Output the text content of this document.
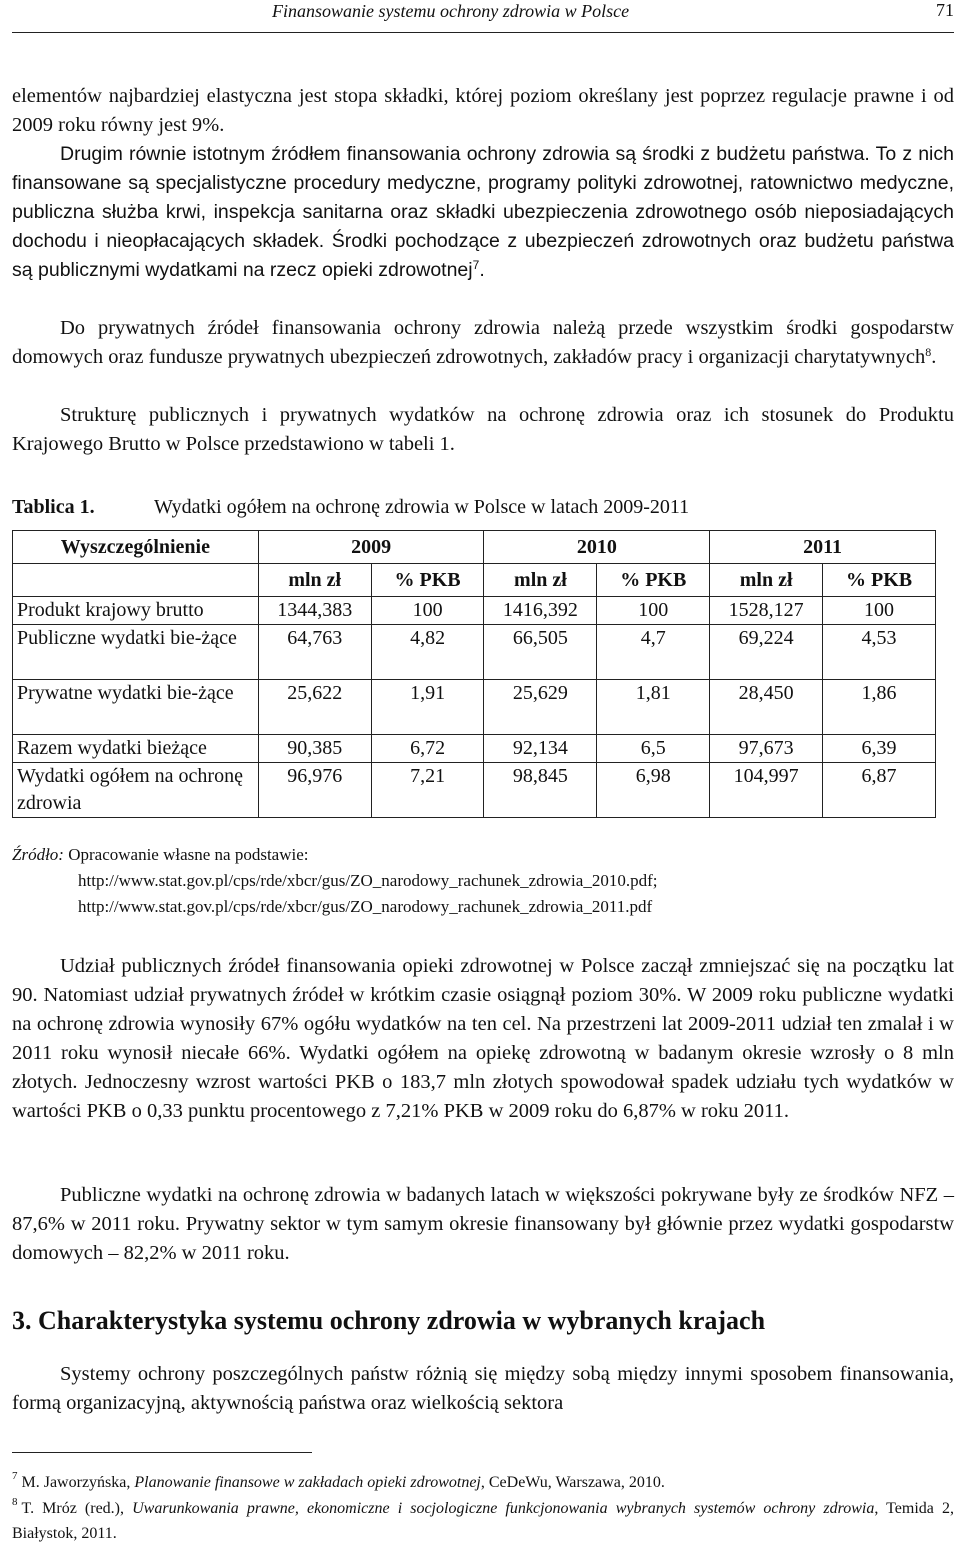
Finansowanie systemu ochrony zdrowia w Polsce	71

elementów najbardziej elastyczna jest stopa składki, której poziom określany jest poprzez regulacje prawne i od 2009 roku równy jest 9%.

Drugim równie istotnym źródłem finansowania ochrony zdrowia są środki z budżetu państwa. To z nich finansowane są specjalistyczne procedury medyczne, programy polityki zdrowotnej, ratownictwo medyczne, publiczna służba krwi, inspekcja sanitarna oraz składki ubezpieczenia zdrowotnego osób nieposiadających dochodu i nieopłacających składek. Środki pochodzące z ubezpieczeń zdrowotnych oraz budżetu państwa są publicznymi wydatkami na rzecz opieki zdrowotnej$^7$.

Do prywatnych źródeł finansowania ochrony zdrowia należą przede wszystkim środki gospodarstw domowych oraz fundusze prywatnych ubezpieczeń zdrowotnych, zakładów pracy i organizacji charytatywnych$^8$.

Strukturę publicznych i prywatnych wydatków na ochronę zdrowia oraz ich stosunek do Produktu Krajowego Brutto w Polsce przedstawiono w tabeli 1.

Tablica 1.	Wydatki ogółem na ochronę zdrowia w Polsce w latach 2009-2011
Wyszczególnienie	2009		2010		2011	
	mln zł	% PKB	mln zł	% PKB	mln zł	% PKB
Produkt krajowy brutto	1344,383	100	1416,392	100	1528,127	100
Publiczne wydatki bie-żące	64,763	4,82	66,505	4,7	69,224	4,53
Prywatne wydatki bie-żące	25,622	1,91	25,629	1,81	28,450	1,86
Razem wydatki bieżące	90,385	6,72	92,134	6,5	97,673	6,39
Wydatki ogółem na ochronę zdrowia	96,976	7,21	98,845	6,98	104,997	6,87
Źródło: Opracowanie własne na podstawie:
http://www.stat.gov.pl/cps/rde/xbcr/gus/ZO_narodowy_rachunek_zdrowia_2010.pdf;
http://www.stat.gov.pl/cps/rde/xbcr/gus/ZO_narodowy_rachunek_zdrowia_2011.pdf

Udział publicznych źródeł finansowania opieki zdrowotnej w Polsce zaczął zmniejszać się na początku lat 90. Natomiast udział prywatnych źródeł w krótkim czasie osiągnął poziom 30%. W 2009 roku publiczne wydatki na ochronę zdrowia wynosiły 67% ogółu wydatków na ten cel. Na przestrzeni lat 2009-2011 udział ten zmalał i w 2011 roku wynosił niecałe 66%. Wydatki ogółem na opiekę zdrowotną w badanym okresie wzrosły o 8 mln złotych. Jednoczesny wzrost wartości PKB o 183,7 mln złotych spowodował spadek udziału tych wydatków w wartości PKB o 0,33 punktu procentowego z 7,21% PKB w 2009 roku do 6,87% w roku 2011.

Publiczne wydatki na ochronę zdrowia w badanych latach w większości pokrywane były ze środków NFZ – 87,6% w 2011 roku. Prywatny sektor w tym samym okresie finansowany był głównie przez wydatki gospodarstw domowych – 82,2% w 2011 roku.

3. Charakterystyka systemu ochrony zdrowia w wybranych krajach

Systemy ochrony poszczególnych państw różnią się między sobą między innymi sposobem finansowania, formą organizacyjną, aktywnością państwa oraz wielkością sektora

$^7$ M. Jaworzyńska, Planowanie finansowe w zakładach opieki zdrowotnej, CeDeWu, Warszawa, 2010.
$^8$ T. Mróz (red.), Uwarunkowania prawne, ekonomiczne i socjologiczne funkcjonowania wybranych systemów ochrony zdrowia, Temida 2, Białystok, 2011.
